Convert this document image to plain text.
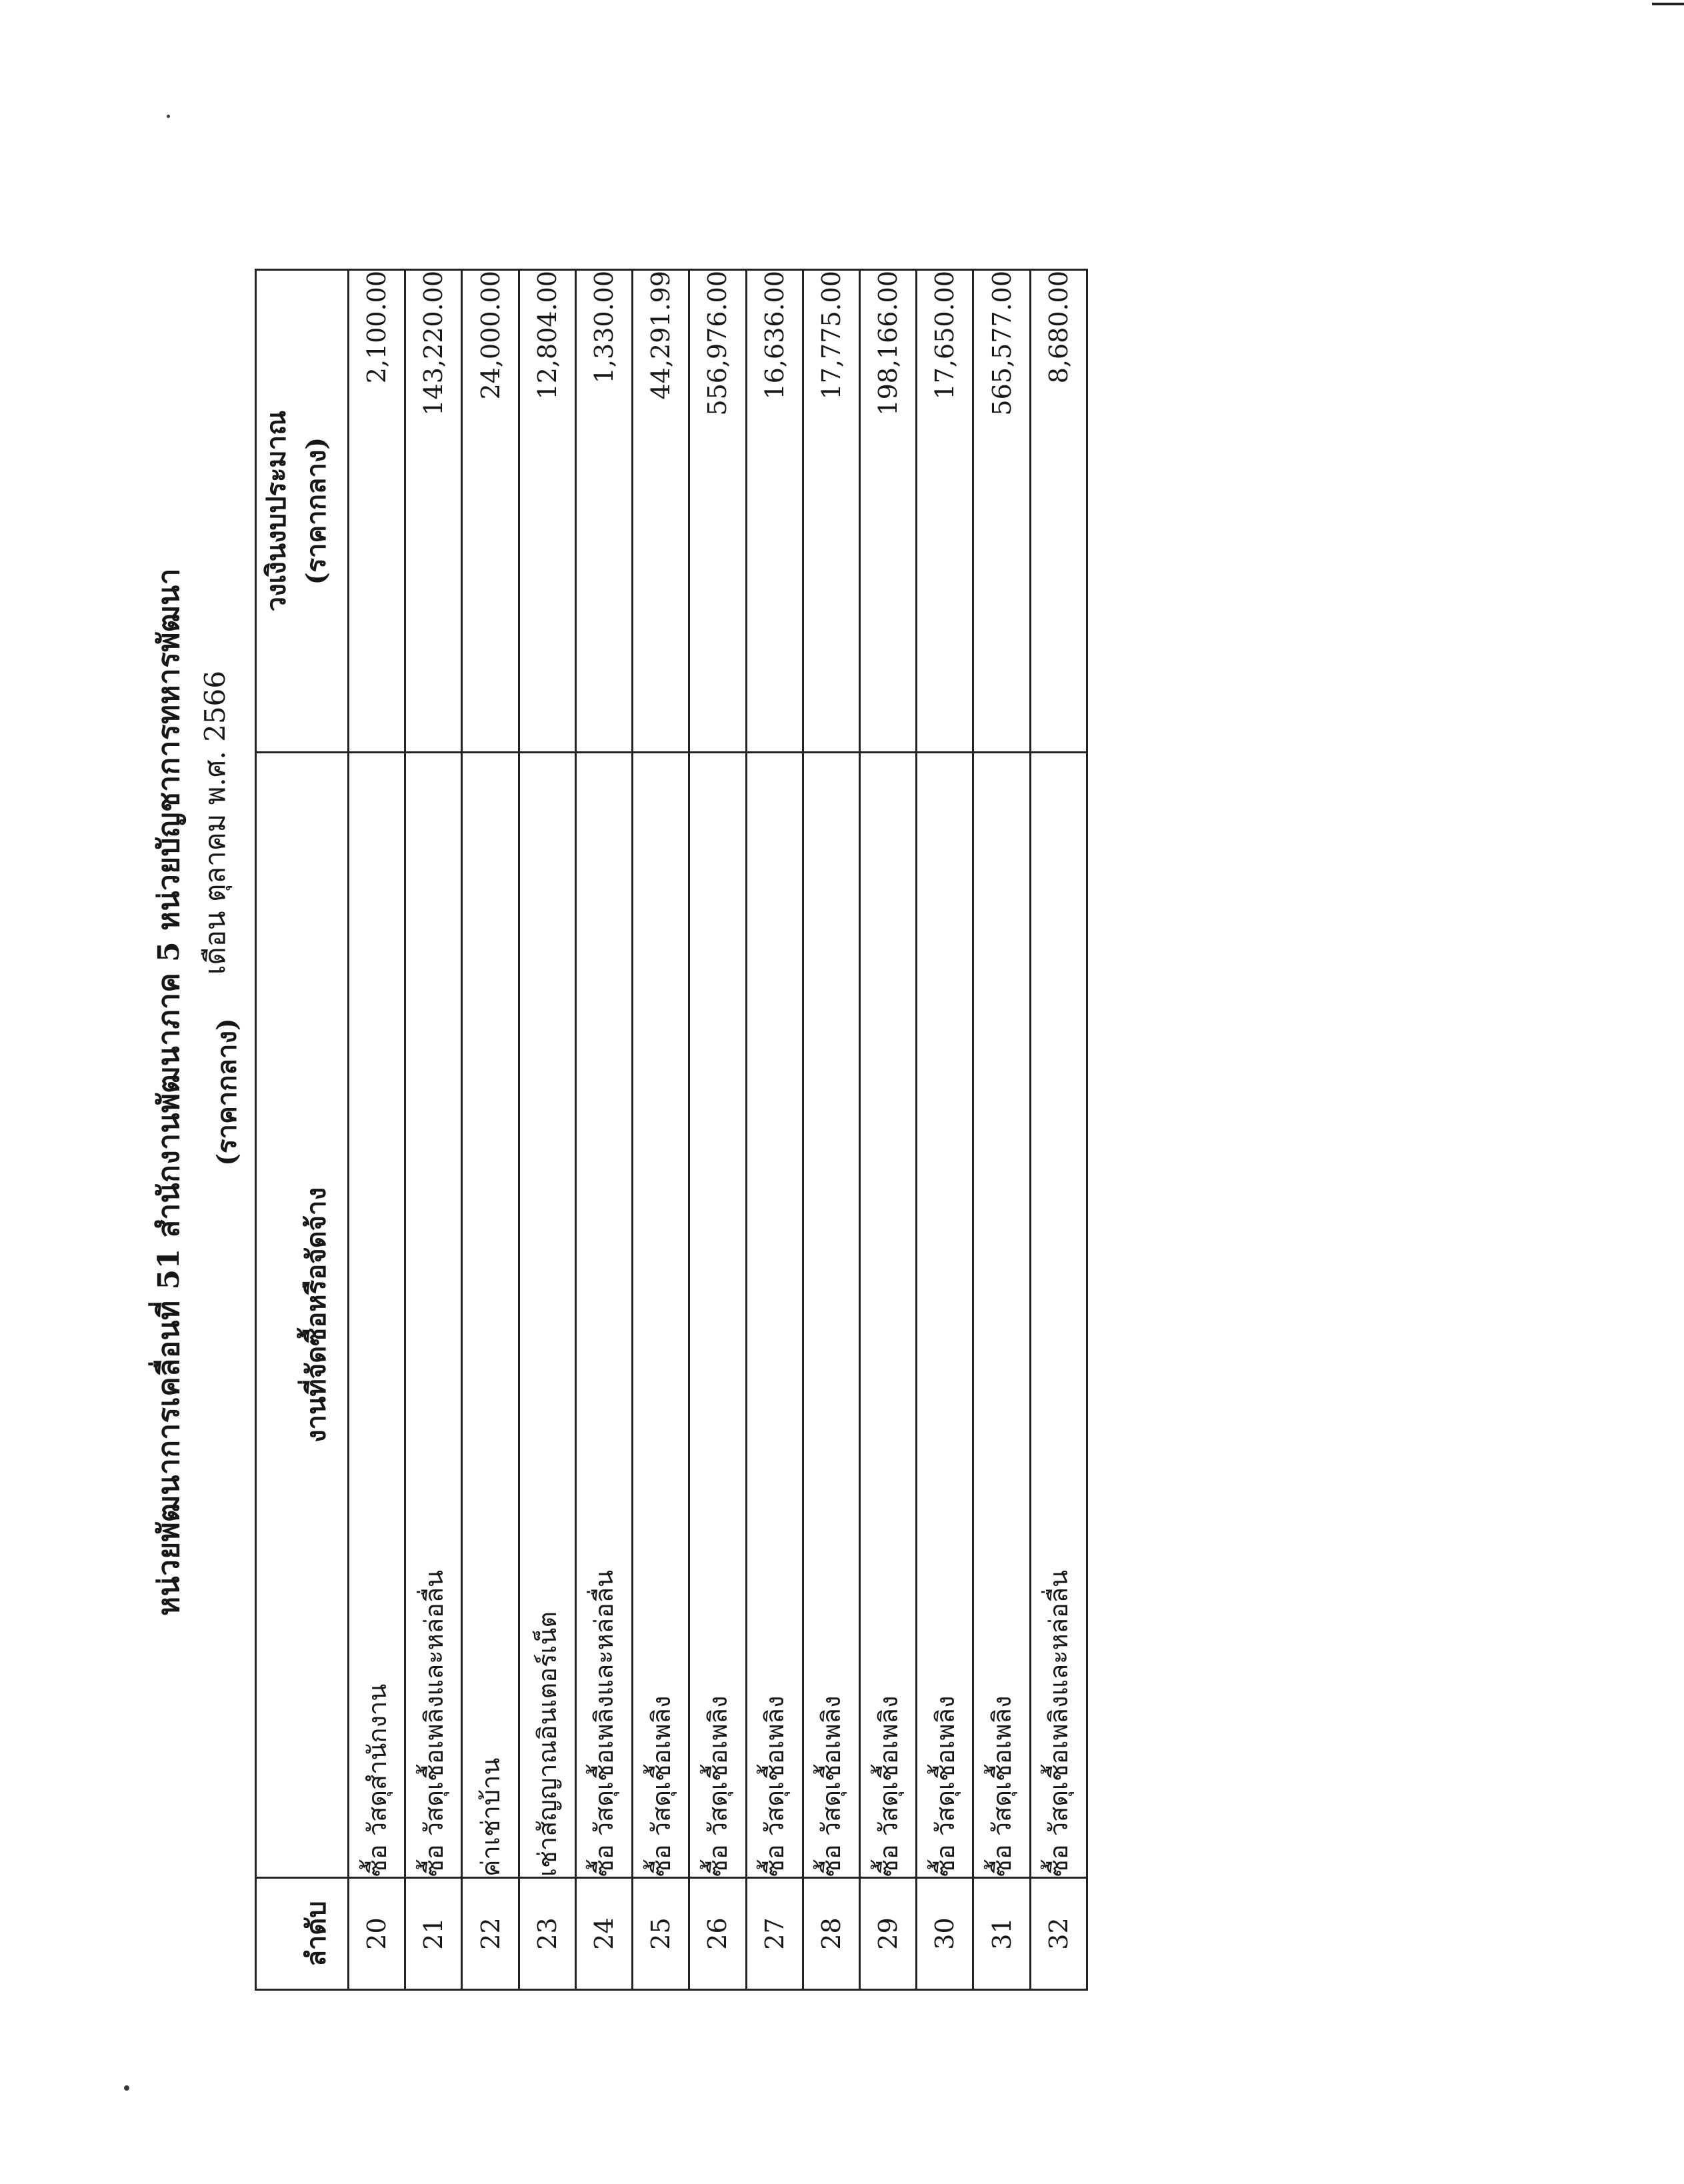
หน่วยพัฒนาการเคลื่อนที่ 51 สำนักงานพัฒนาภาค 5 หน่วยบัญชาการทหารพัฒนา (ราคากลาง)
เดือน ตุลาคม พ.ศ. 2566
ลำดับ	งานที่จัดซื้อหรือจัดจ้าง	วงเงินงบประมาณ (ราคากลาง)

20	ซื้อ วัสดุสำนักงาน	2,100.00
21	ซื้อ วัสดุเชื้อเพลิงและหล่อลื่น	143,220.00
22	ค่าเช่าบ้าน	24,000.00
23	เช่าสัญญาณอินเตอร์เน็ต	12,804.00
24	ซื้อ วัสดุเชื้อเพลิงและหล่อลื่น	1,330.00
25	ซื้อ วัสดุเชื้อเพลิง	44,291.99
26	ซื้อ วัสดุเชื้อเพลิง	556,976.00
27	ซื้อ วัสดุเชื้อเพลิง	16,636.00
28	ซื้อ วัสดุเชื้อเพลิง	17,775.00
29	ซื้อ วัสดุเชื้อเพลิง	198,166.00
30	ซื้อ วัสดุเชื้อเพลิง	17,650.00
31	ซื้อ วัสดุเชื้อเพลิง	565,577.00
32	ซื้อ วัสดุเชื้อเพลิงและหล่อลื่น	8,680.00
